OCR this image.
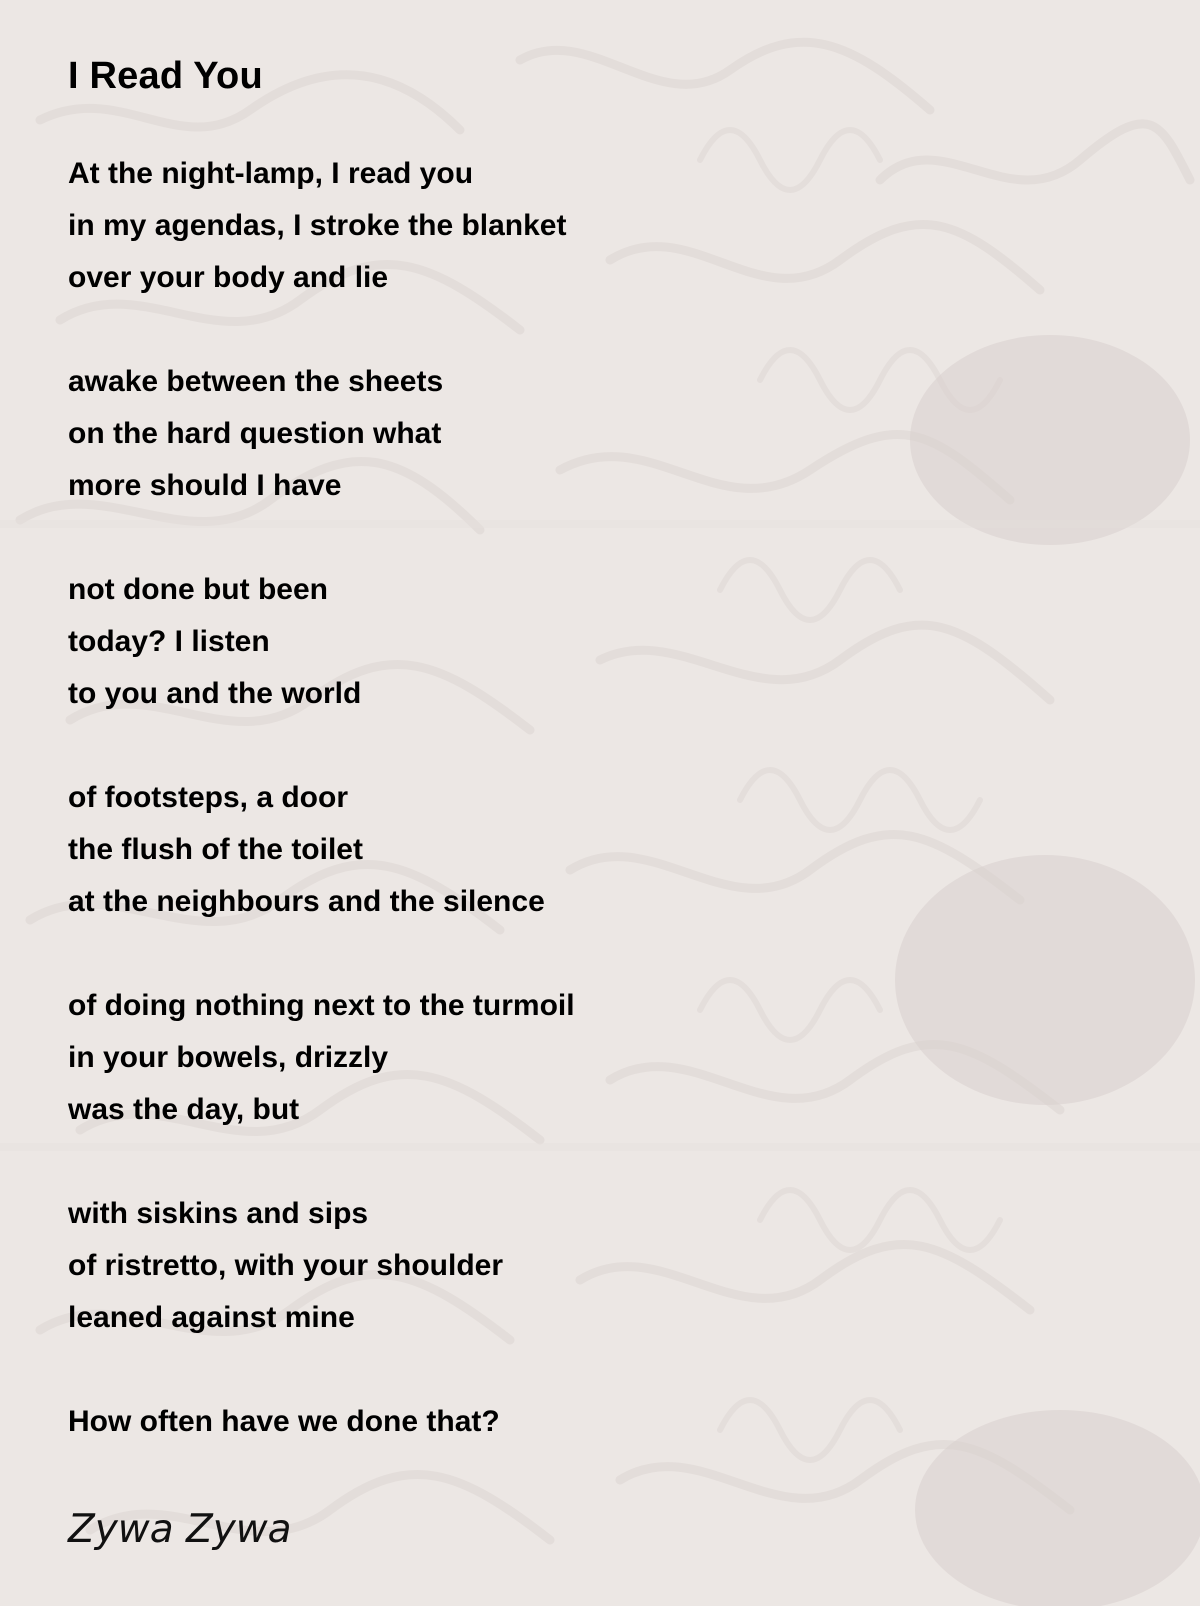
I Read You
At the night-lamp, I read you
in my agendas, I stroke the blanket
over your body and lie
awake between the sheets
on the hard question what
more should I have
not done but been
today? I listen
to you and the world
of footsteps, a door
the flush of the toilet
at the neighbours and the silence
of doing nothing next to the turmoil
in your bowels, drizzly
was the day, but
with siskins and sips
of ristretto, with your shoulder
leaned against mine
How often have we done that?
Zywa Zywa
